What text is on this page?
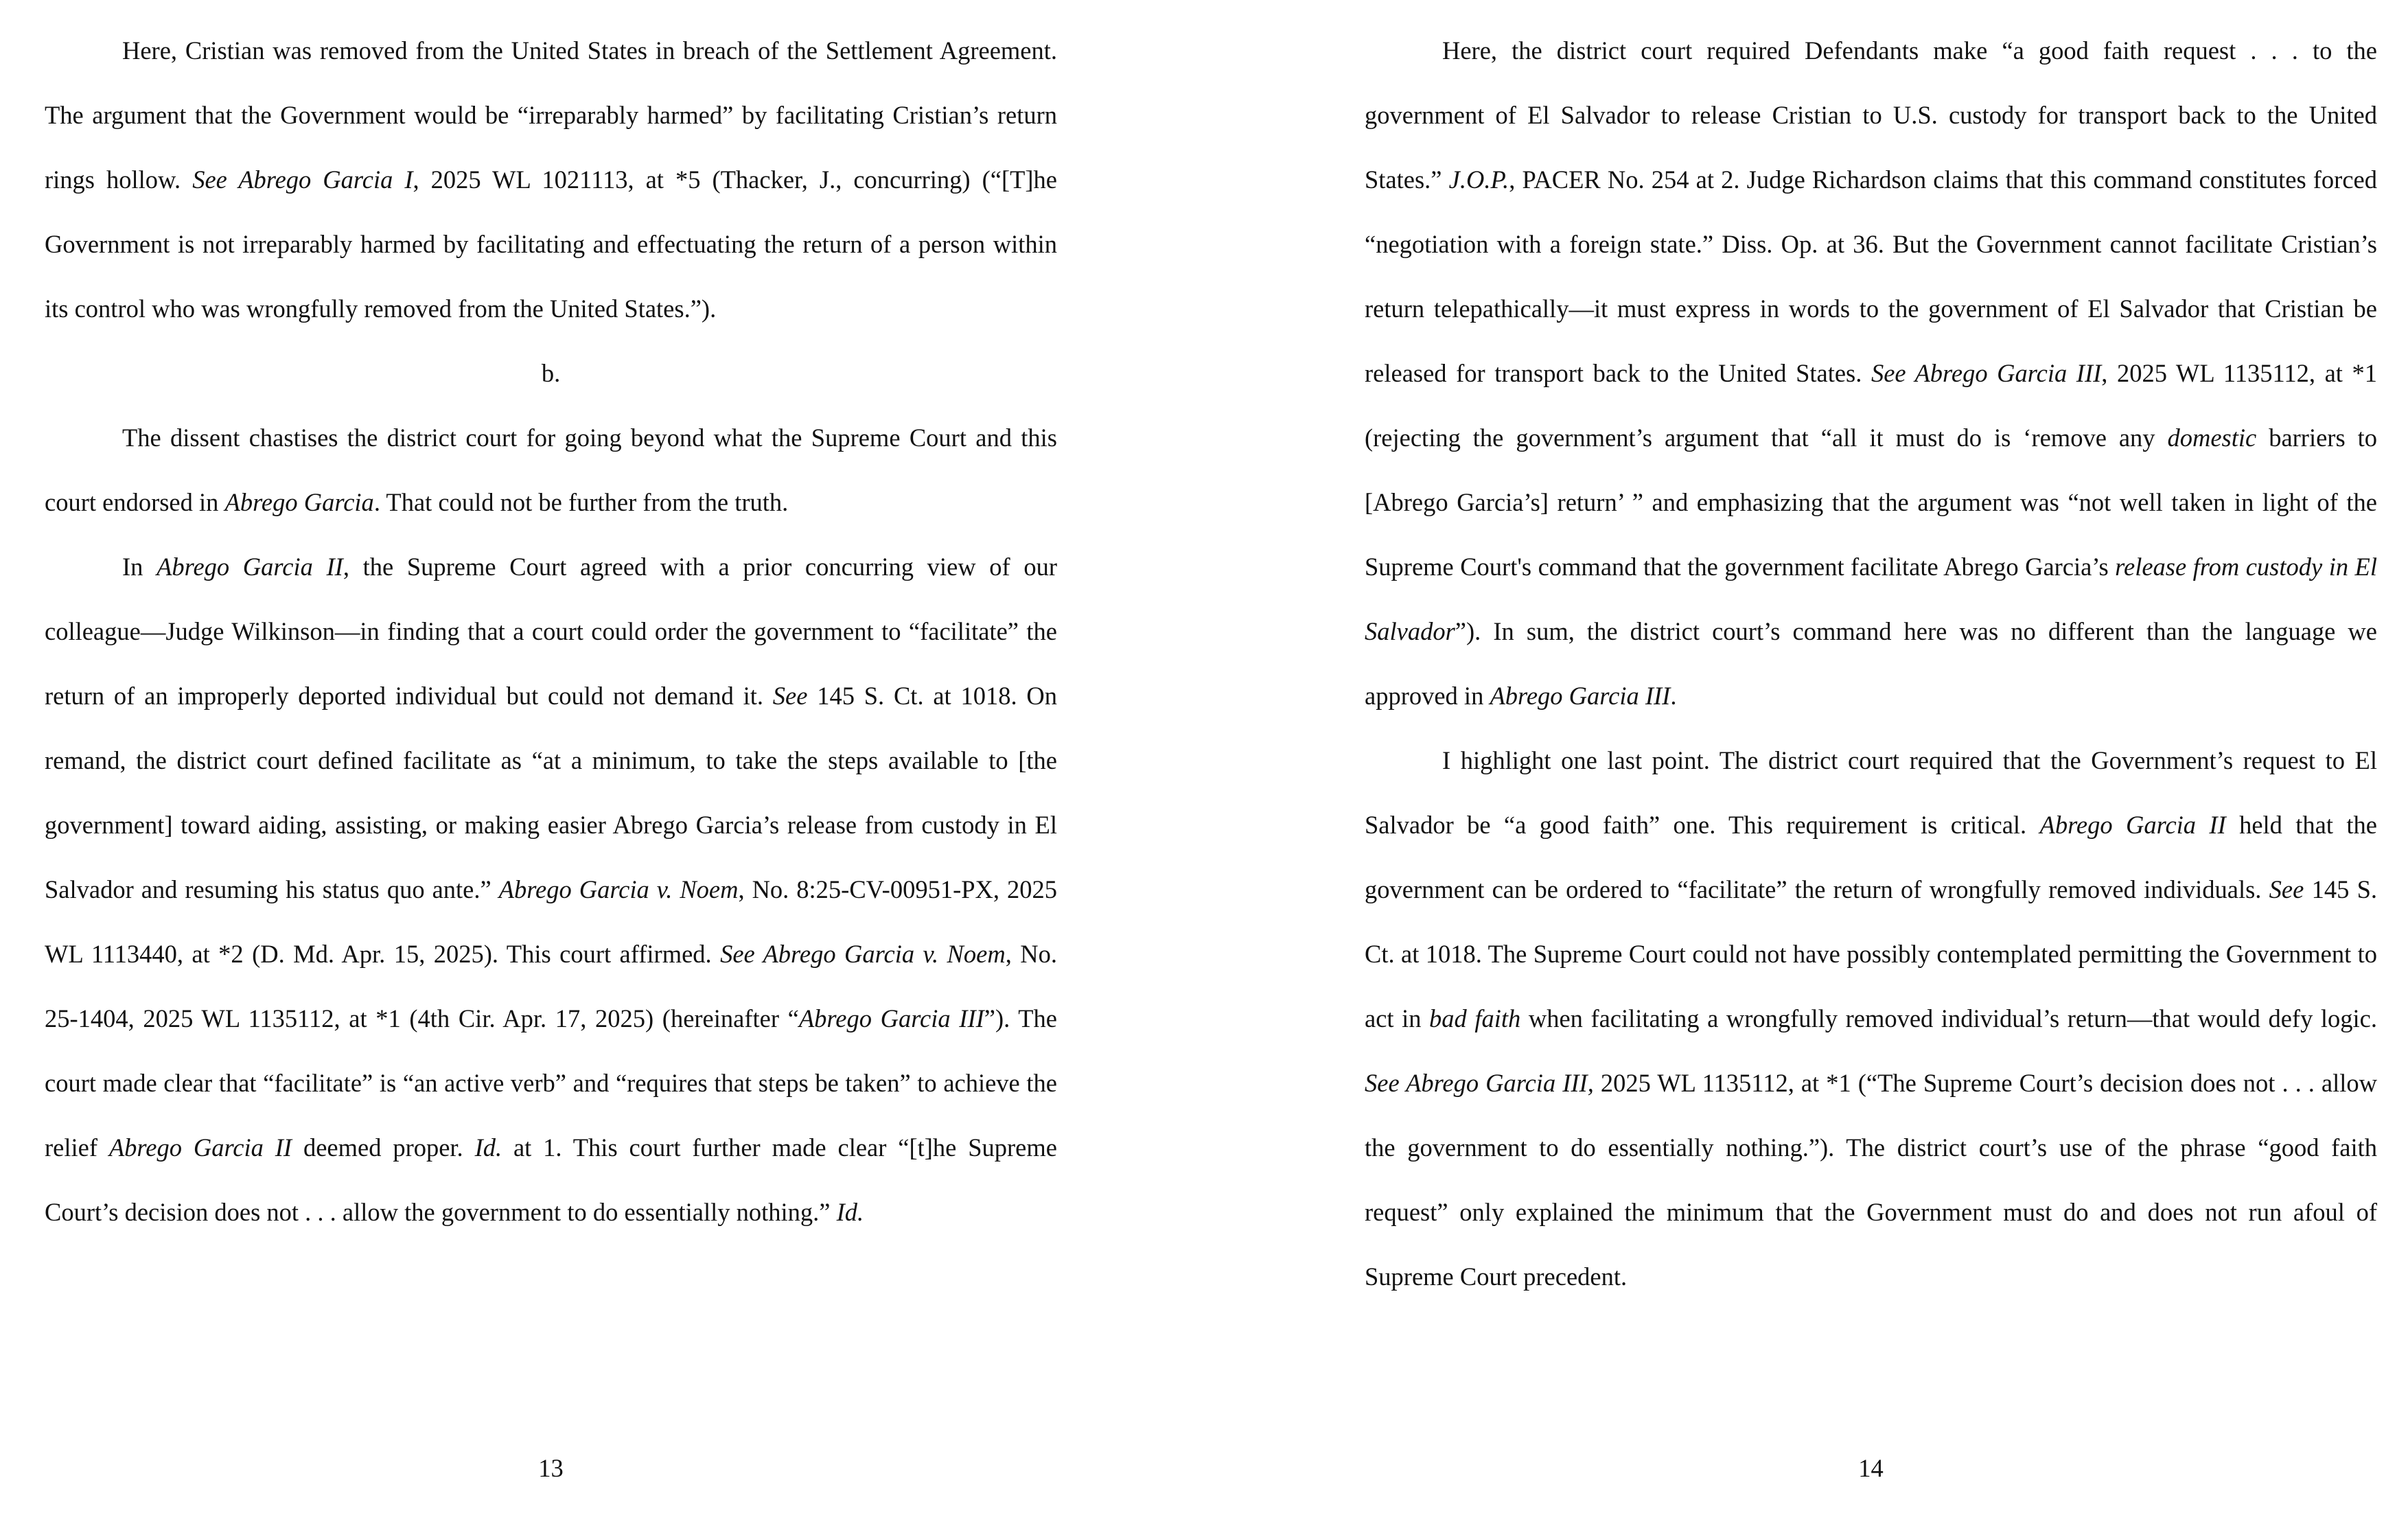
Here, Cristian was removed from the United States in breach of the Settlement Agreement. The argument that the Government would be “irreparably harmed” by facilitating Cristian’s return rings hollow. See Abrego Garcia I, 2025 WL 1021113, at *5 (Thacker, J., concurring) (“[T]he Government is not irreparably harmed by facilitating and effectuating the return of a person within its control who was wrongfully removed from the United States.”).

b.

The dissent chastises the district court for going beyond what the Supreme Court and this court endorsed in Abrego Garcia. That could not be further from the truth.

In Abrego Garcia II, the Supreme Court agreed with a prior concurring view of our colleague—Judge Wilkinson—in finding that a court could order the government to “facilitate” the return of an improperly deported individual but could not demand it. See 145 S. Ct. at 1018. On remand, the district court defined facilitate as “at a minimum, to take the steps available to [the government] toward aiding, assisting, or making easier Abrego Garcia’s release from custody in El Salvador and resuming his status quo ante.” Abrego Garcia v. Noem, No. 8:25-CV-00951-PX, 2025 WL 1113440, at *2 (D. Md. Apr. 15, 2025). This court affirmed. See Abrego Garcia v. Noem, No. 25-1404, 2025 WL 1135112, at *1 (4th Cir. Apr. 17, 2025) (hereinafter “Abrego Garcia III”). The court made clear that “facilitate” is “an active verb” and “requires that steps be taken” to achieve the relief Abrego Garcia II deemed proper. Id. at 1. This court further made clear “[t]he Supreme Court’s decision does not . . . allow the government to do essentially nothing.” Id.

13

Here, the district court required Defendants make “a good faith request . . . to the government of El Salvador to release Cristian to U.S. custody for transport back to the United States.” J.O.P., PACER No. 254 at 2. Judge Richardson claims that this command constitutes forced “negotiation with a foreign state.” Diss. Op. at 36. But the Government cannot facilitate Cristian’s return telepathically—it must express in words to the government of El Salvador that Cristian be released for transport back to the United States. See Abrego Garcia III, 2025 WL 1135112, at *1 (rejecting the government’s argument that “all it must do is ‘remove any domestic barriers to [Abrego Garcia’s] return’ ” and emphasizing that the argument was “not well taken in light of the Supreme Court's command that the government facilitate Abrego Garcia’s release from custody in El Salvador”). In sum, the district court’s command here was no different than the language we approved in Abrego Garcia III.

I highlight one last point. The district court required that the Government’s request to El Salvador be “a good faith” one. This requirement is critical. Abrego Garcia II held that the government can be ordered to “facilitate” the return of wrongfully removed individuals. See 145 S. Ct. at 1018. The Supreme Court could not have possibly contemplated permitting the Government to act in bad faith when facilitating a wrongfully removed individual’s return—that would defy logic. See Abrego Garcia III, 2025 WL 1135112, at *1 (“The Supreme Court’s decision does not . . . allow the government to do essentially nothing.”). The district court’s use of the phrase “good faith request” only explained the minimum that the Government must do and does not run afoul of Supreme Court precedent.

14
